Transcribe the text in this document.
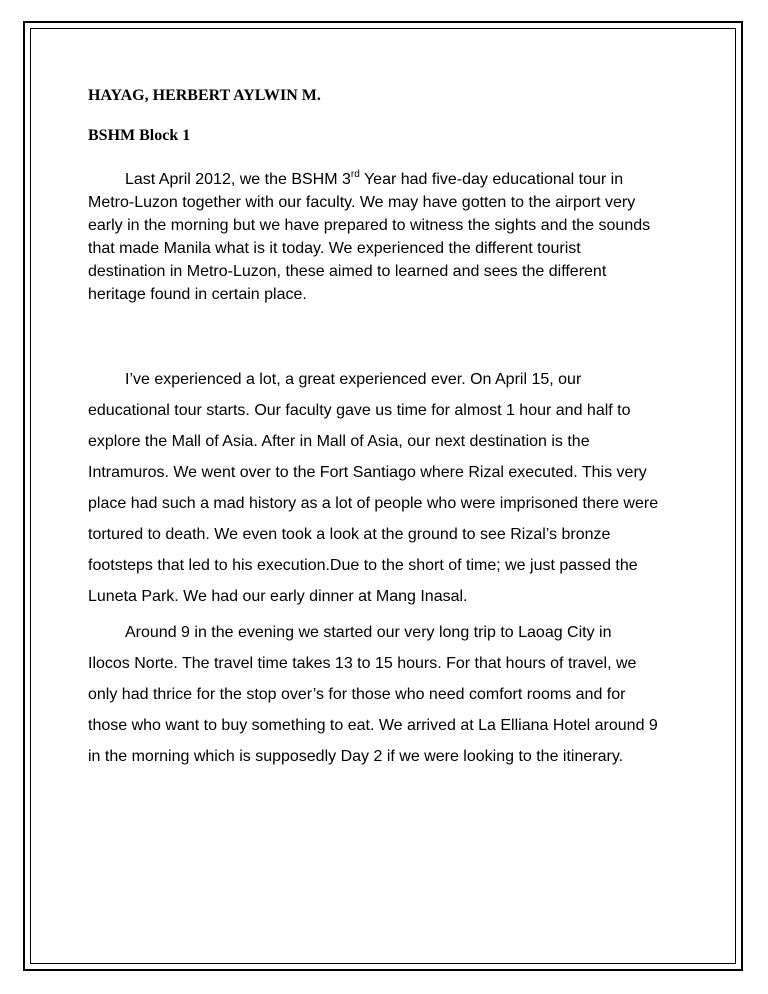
HAYAG, HERBERT AYLWIN M.

BSHM Block 1

Last April 2012, we the BSHM 3rd Year had five-day educational tour in
Metro-Luzon together with our faculty. We may have gotten to the airport very
early in the morning but we have prepared to witness the sights and the sounds
that made Manila what is it today. We experienced the different tourist
destination in Metro-Luzon, these aimed to learned and sees the different
heritage found in certain place.

I’ve experienced a lot, a great experienced ever. On April 15, our
educational tour starts. Our faculty gave us time for almost 1 hour and half to
explore the Mall of Asia. After in Mall of Asia, our next destination is the
Intramuros. We went over to the Fort Santiago where Rizal executed. This very
place had such a mad history as a lot of people who were imprisoned there were
tortured to death. We even took a look at the ground to see Rizal’s bronze
footsteps that led to his execution.Due to the short of time; we just passed the
Luneta Park. We had our early dinner at Mang Inasal.

Around 9 in the evening we started our very long trip to Laoag City in
Ilocos Norte. The travel time takes 13 to 15 hours. For that hours of travel, we
only had thrice for the stop over’s for those who need comfort rooms and for
those who want to buy something to eat. We arrived at La Elliana Hotel around 9
in the morning which is supposedly Day 2 if we were looking to the itinerary.
